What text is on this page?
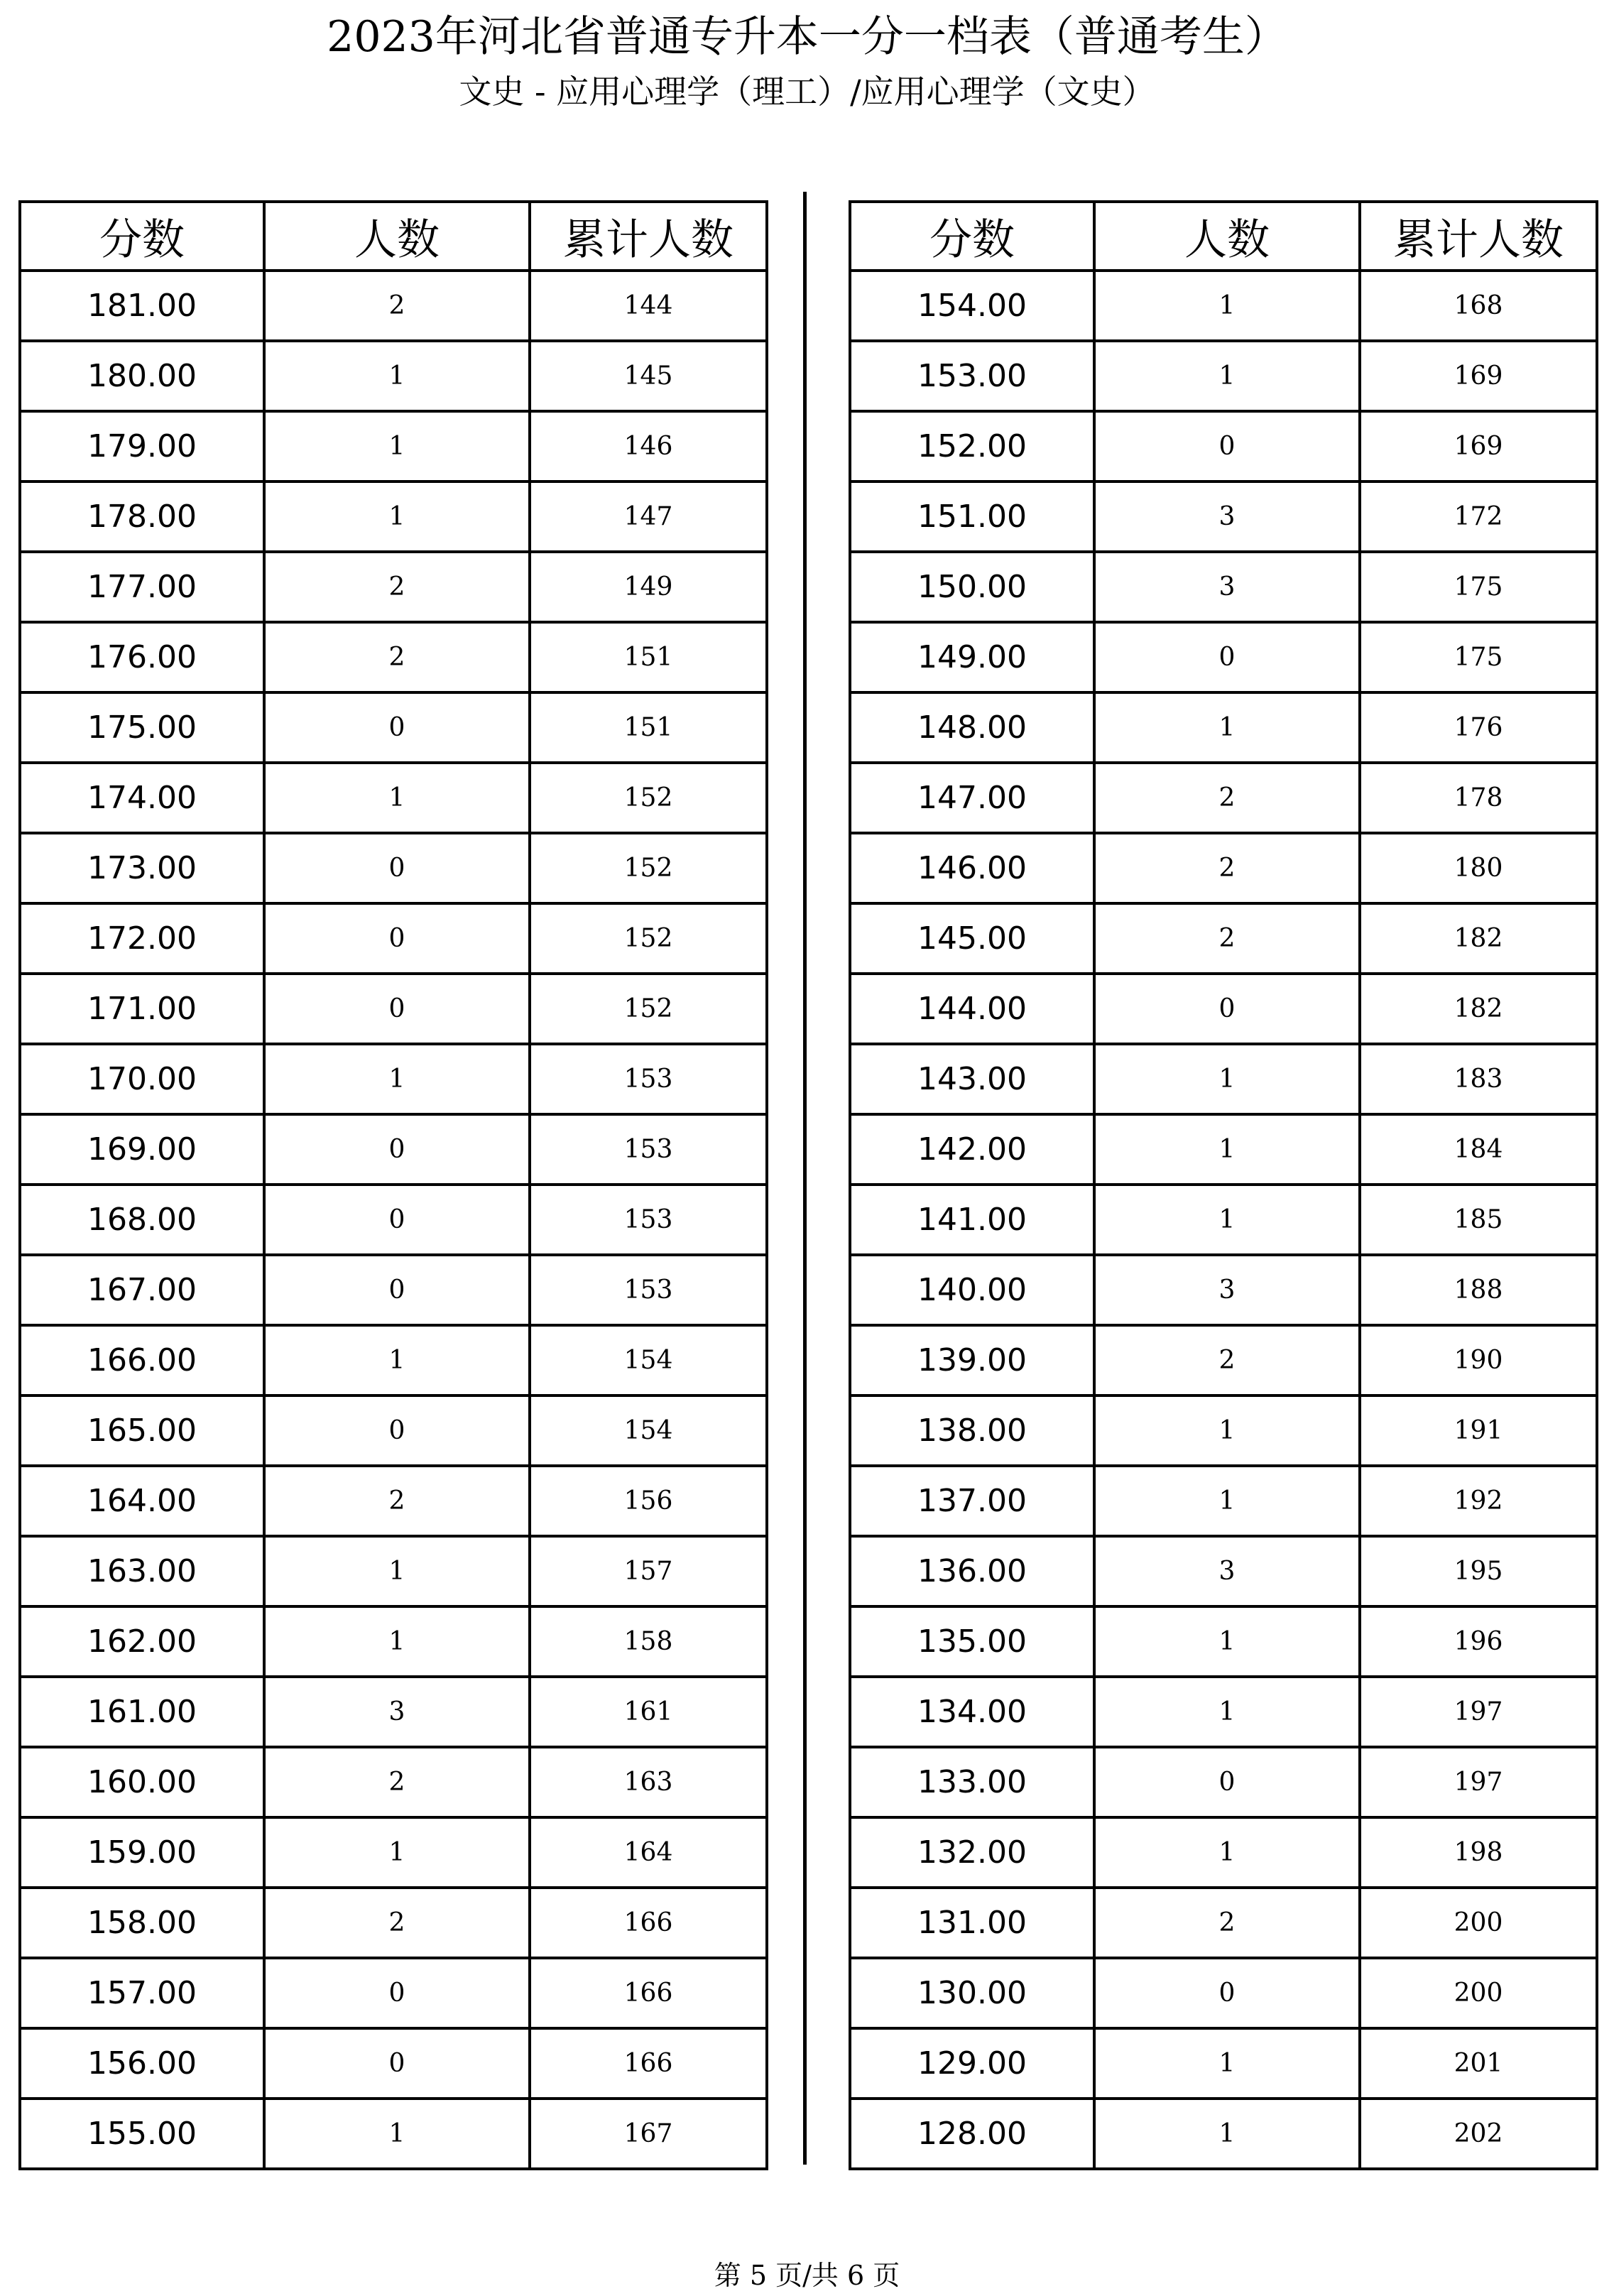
2023年河北省普通专升本一分一档表（普通考生）
文史 - 应用心理学（理工）/应用心理学（文史）
分数	人数	累计人数
181.00	2	144
180.00	1	145
179.00	1	146
178.00	1	147
177.00	2	149
176.00	2	151
175.00	0	151
174.00	1	152
173.00	0	152
172.00	0	152
171.00	0	152
170.00	1	153
169.00	0	153
168.00	0	153
167.00	0	153
166.00	1	154
165.00	0	154
164.00	2	156
163.00	1	157
162.00	1	158
161.00	3	161
160.00	2	163
159.00	1	164
158.00	2	166
157.00	0	166
156.00	0	166
155.00	1	167
分数	人数	累计人数
154.00	1	168
153.00	1	169
152.00	0	169
151.00	3	172
150.00	3	175
149.00	0	175
148.00	1	176
147.00	2	178
146.00	2	180
145.00	2	182
144.00	0	182
143.00	1	183
142.00	1	184
141.00	1	185
140.00	3	188
139.00	2	190
138.00	1	191
137.00	1	192
136.00	3	195
135.00	1	196
134.00	1	197
133.00	0	197
132.00	1	198
131.00	2	200
130.00	0	200
129.00	1	201
128.00	1	202
第 5 页/共 6 页
